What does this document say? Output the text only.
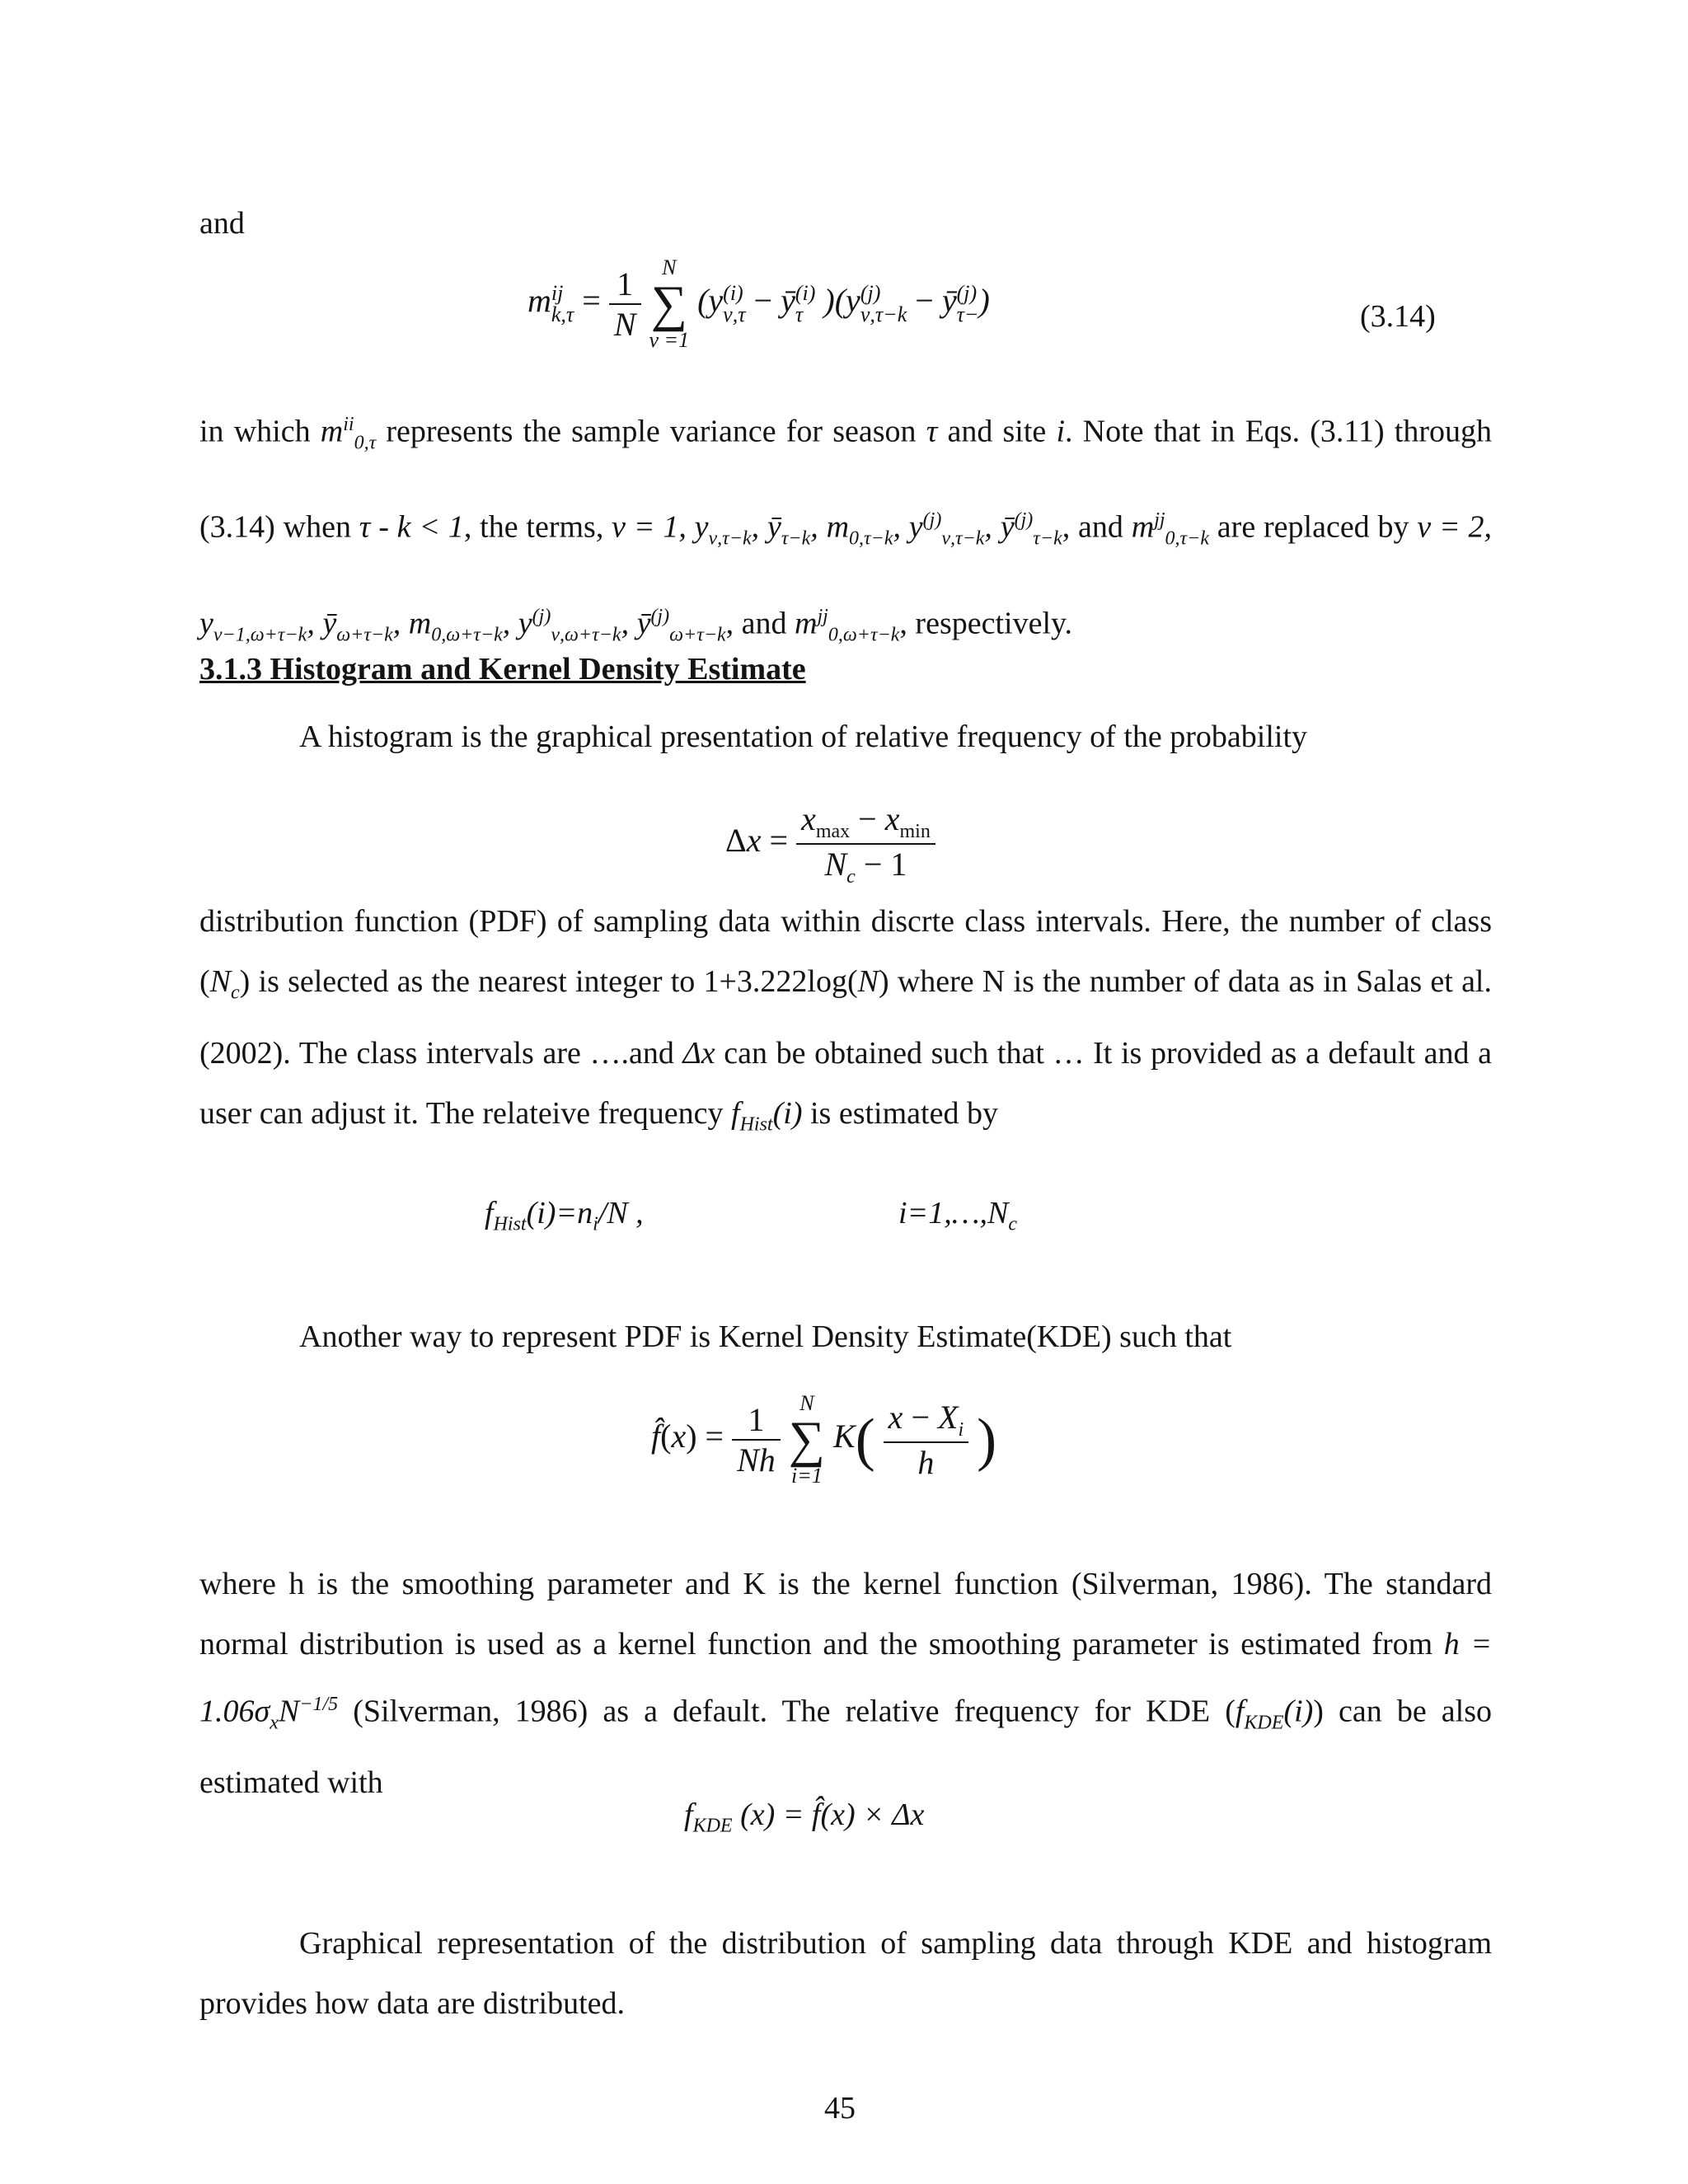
and

m ij
$k,\tau = \frac{1}{N}$
N
∑
ν =1
(y (i)
ν,τ − ȳ (i)
τ )(y (j)
ν,τ−k − ȳ (j)
τ− )	(3.14)

in which $m^{ii}_{0,\tau}$ represents the sample variance for season τ and site i. Note that in Eqs. (3.11) through (3.14) when τ - k < 1, the terms, ν = 1, $y_{\nu,\tau-k}$, $ȳ_{\tau-k}$, $m_{0,\tau-k}$, $y^{(j)}_{\nu,\tau-k}$, $ȳ^{(j)}_{\tau-k}$, and $m^{jj}_{0,\tau-k}$ are replaced by ν = 2, $y_{\nu-1,\omega+\tau-k}$, $ȳ_{\omega+\tau-k}$, $m_{0,\omega+\tau-k}$, $y^{(j)}_{\nu,\omega+\tau-k}$, $ȳ^{(j)}_{\omega+\tau-k}$, and $m^{jj}_{0,\omega+\tau-k}$, respectively.

3.1.3 Histogram and Kernel Density Estimate

A histogram is the graphical presentation of relative frequency of the probability

$\Delta x = \frac{x_{max} - x_{min}}{N_c - 1}$

distribution function (PDF) of sampling data within discrte class intervals. Here, the number of class $(N_c)$ is selected as the nearest integer to 1+3.222log(N) where N is the number of data as in Salas et al. (2002). The class intervals are ….and Δx can be obtained such that … It is provided as a default and a user can adjust it. The relateive frequency $f_{Hist}(i)$ is estimated by

$f_{Hist}(i)=n_i/N$ ,	$i=1,\dots,N_c$

Another way to represent PDF is Kernel Density Estimate(KDE) such that

f̂(x) = $\frac{1}{Nh}$
N
∑
i=1
$K( \frac{x - X_i}{h}$ )

where h is the smoothing parameter and K is the kernel function (Silverman, 1986). The standard normal distribution is used as a kernel function and the smoothing parameter is estimated from $h = 1.06\sigma_xN^{-1/5}$ (Silverman, 1986) as a default. The relative frequency for KDE $(f_{KDE}(i))$ can be also estimated with

$f_{KDE}$ (x) = f̂(x) × Δx

Graphical representation of the distribution of sampling data through KDE and histogram provides how data are distributed.

45
